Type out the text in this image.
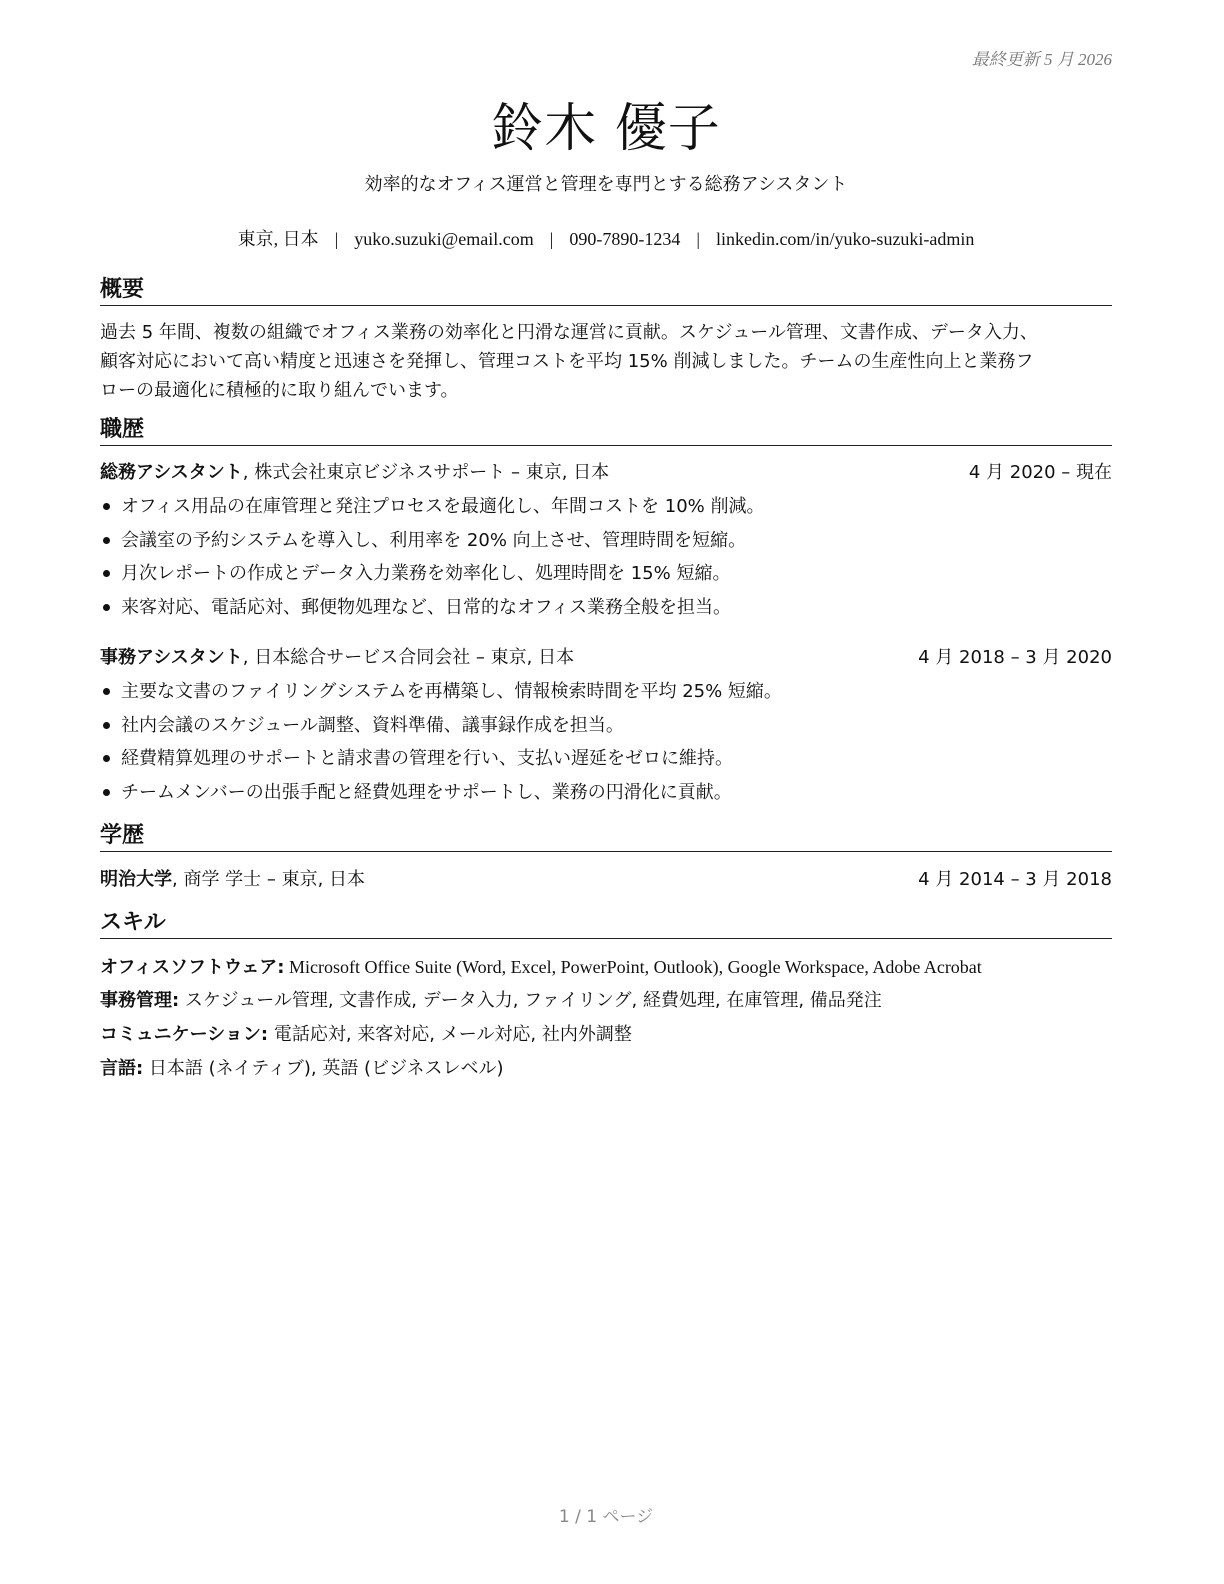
最終更新 5 月 2026
鈴木 優子
効率的なオフィス運営と管理を専門とする総務アシスタント
東京, 日本 | yuko.suzuki@email.com | 090-7890-1234 | linkedin.com/in/yuko-suzuki-admin
概要
過去 5 年間、複数の組織でオフィス業務の効率化と円滑な運営に貢献。スケジュール管理、文書作成、データ入力、
顧客対応において高い精度と迅速さを発揮し、管理コストを平均 15% 削減しました。チームの生産性向上と業務フ
ローの最適化に積極的に取り組んでいます。
職歴
総務アシスタント, 株式会社東京ビジネスサポート – 東京, 日本	4 月 2020 – 現在
オフィス用品の在庫管理と発注プロセスを最適化し、年間コストを 10% 削減。
会議室の予約システムを導入し、利用率を 20% 向上させ、管理時間を短縮。
月次レポートの作成とデータ入力業務を効率化し、処理時間を 15% 短縮。
来客対応、電話応対、郵便物処理など、日常的なオフィス業務全般を担当。
事務アシスタント, 日本総合サービス合同会社 – 東京, 日本	4 月 2018 – 3 月 2020
主要な文書のファイリングシステムを再構築し、情報検索時間を平均 25% 短縮。
社内会議のスケジュール調整、資料準備、議事録作成を担当。
経費精算処理のサポートと請求書の管理を行い、支払い遅延をゼロに維持。
チームメンバーの出張手配と経費処理をサポートし、業務の円滑化に貢献。
学歴
明治大学, 商学 学士 – 東京, 日本	4 月 2014 – 3 月 2018
スキル
オフィスソフトウェア: Microsoft Office Suite (Word, Excel, PowerPoint, Outlook), Google Workspace, Adobe Acrobat
事務管理: スケジュール管理, 文書作成, データ入力, ファイリング, 経費処理, 在庫管理, 備品発注
コミュニケーション: 電話応対, 来客対応, メール対応, 社内外調整
言語: 日本語 (ネイティブ), 英語 (ビジネスレベル)
1 / 1 ページ
